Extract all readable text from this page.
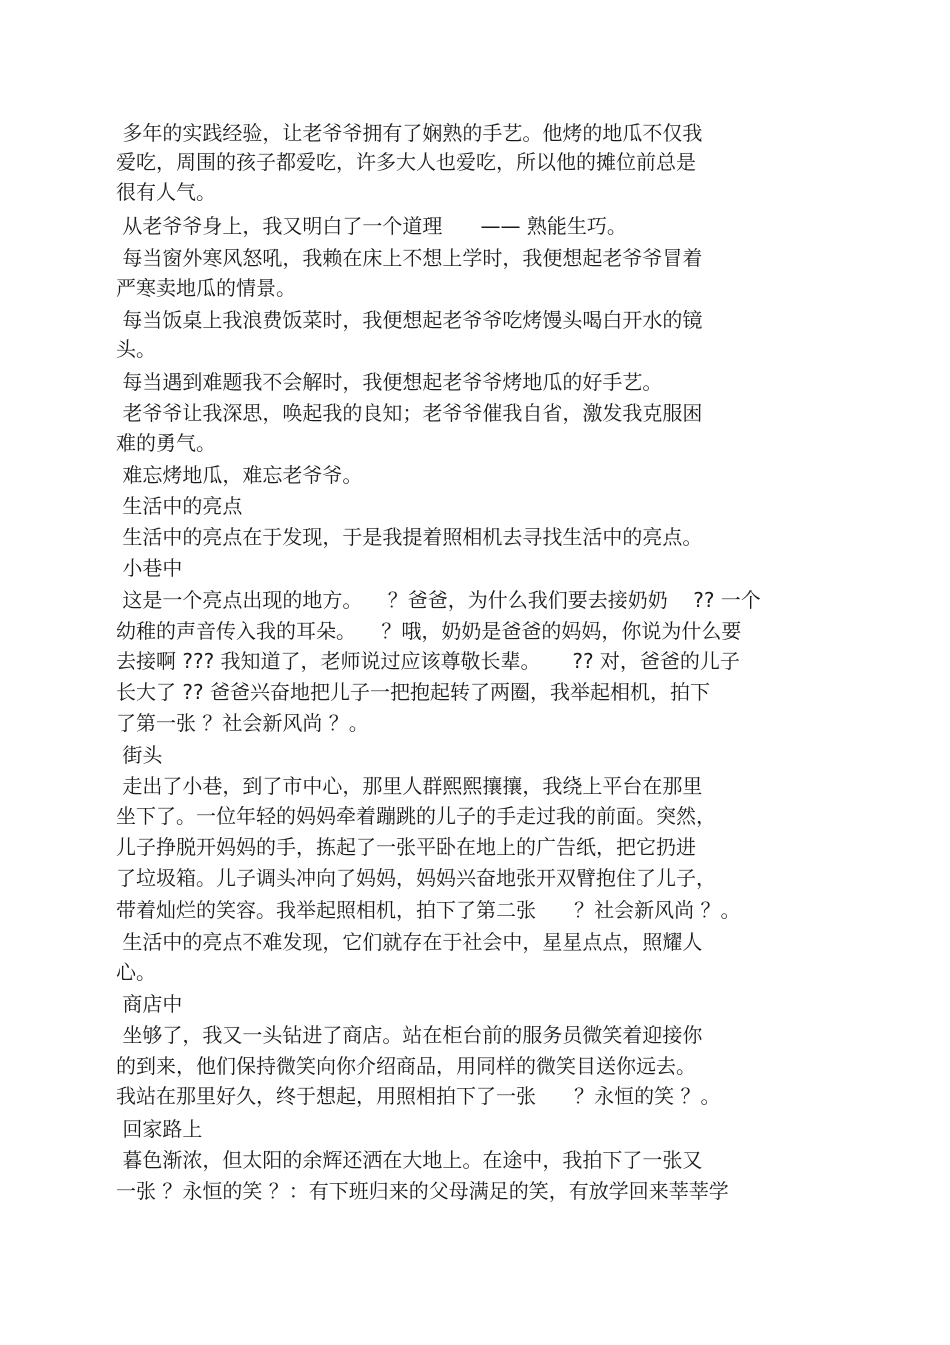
多年的实践经验，让老爷爷拥有了娴熟的手艺。他烤的地瓜不仅我
爱吃，周围的孩子都爱吃，许多大人也爱吃，所以他的摊位前总是
很有人气。
从老爷爷身上，我又明白了一个道理      —— 熟能生巧。
每当窗外寒风怒吼，我赖在床上不想上学时，我便想起老爷爷冒着
严寒卖地瓜的情景。
每当饭桌上我浪费饭菜时，我便想起老爷爷吃烤馒头喝白开水的镜
头。
每当遇到难题我不会解时，我便想起老爷爷烤地瓜的好手艺。
老爷爷让我深思，唤起我的良知；老爷爷催我自省，激发我克服困
难的勇气。
难忘烤地瓜，难忘老爷爷。
生活中的亮点
生活中的亮点在于发现，于是我提着照相机去寻找生活中的亮点。
小巷中
这是一个亮点出现的地方。    ？爸爸，为什么我们要去接奶奶    ?? 一个
幼稚的声音传入我的耳朵。    ？哦，奶奶是爸爸的妈妈，你说为什么要
去接啊 ??? 我知道了，老师说过应该尊敬长辈。     ?? 对，爸爸的儿子
长大了 ?? 爸爸兴奋地把儿子一把抱起转了两圈，我举起相机，拍下
了第一张 ？社会新风尚 ？。
街头
走出了小巷，到了市中心，那里人群熙熙攘攘，我绕上平台在那里
坐下了。一位年轻的妈妈牵着蹦跳的儿子的手走过我的前面。突然，
儿子挣脱开妈妈的手，拣起了一张平卧在地上的广告纸，把它扔进
了垃圾箱。儿子调头冲向了妈妈，妈妈兴奋地张开双臂抱住了儿子，
带着灿烂的笑容。我举起照相机，拍下了第二张      ？社会新风尚 ？。
生活中的亮点不难发现，它们就存在于社会中，星星点点，照耀人
心。
商店中
坐够了，我又一头钻进了商店。站在柜台前的服务员微笑着迎接你
的到来，他们保持微笑向你介绍商品，用同样的微笑目送你远去。
我站在那里好久，终于想起，用照相拍下了一张      ？永恒的笑 ？。
回家路上
暮色渐浓，但太阳的余辉还洒在大地上。在途中，我拍下了一张又
一张 ？永恒的笑 ？：有下班归来的父母满足的笑，有放学回来莘莘学
